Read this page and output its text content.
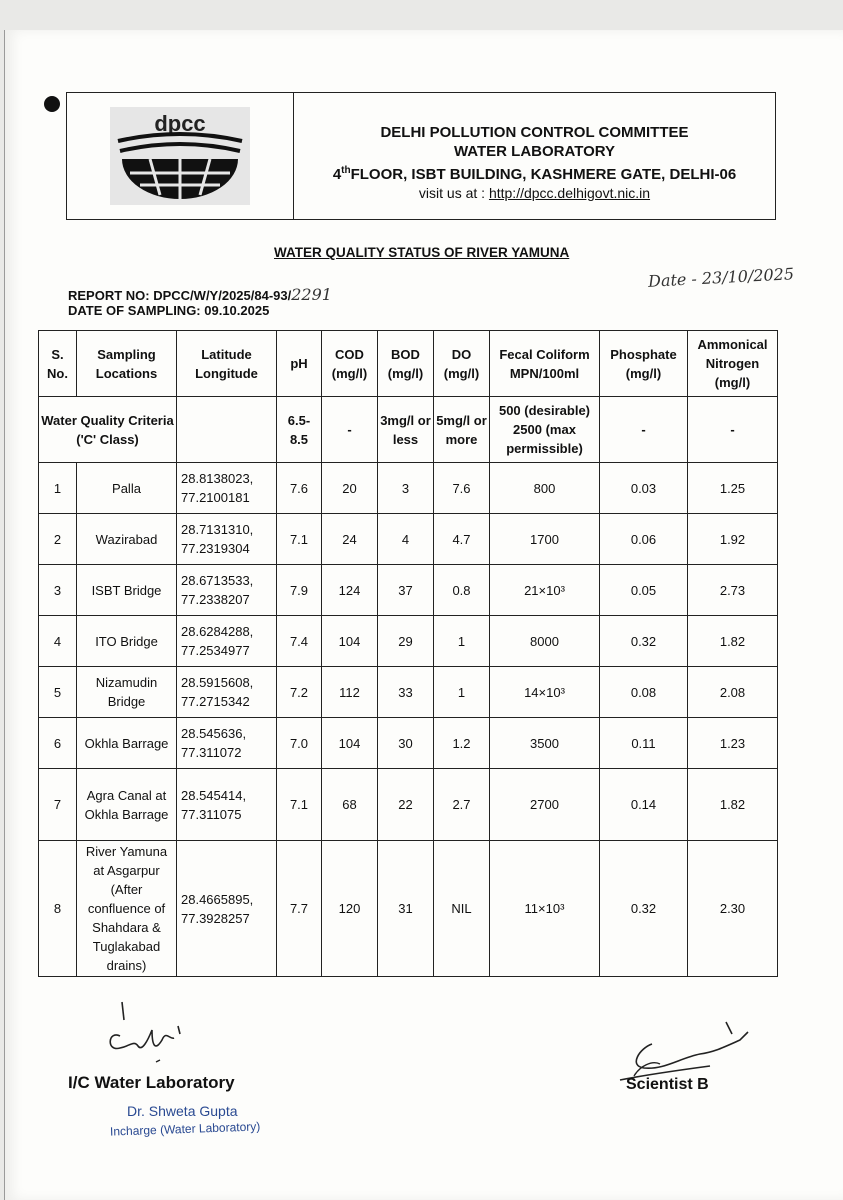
dpcc	DELHI POLLUTION CONTROL COMMITTEE
WATER LABORATORY
4thFLOOR, ISBT BUILDING, KASHMERE GATE, DELHI-06
visit us at : http://dpcc.delhigovt.nic.in
WATER QUALITY STATUS OF RIVER YAMUNA
REPORT NO: DPCC/W/Y/2025/84-93/2291
DATE OF SAMPLING: 09.10.2025
Date - 23/10/2025
S. No.	Sampling Locations	Latitude Longitude	pH	COD (mg/l)	BOD (mg/l)	DO (mg/l)	Fecal Coliform MPN/100ml	Phosphate (mg/l)	Ammonical Nitrogen (mg/l)
Water Quality Criteria ('C' Class)			6.5-8.5	-	3mg/l or less	5mg/l or more	500 (desirable) 2500 (max permissible)	-	-
1	Palla	28.8138023, 77.2100181	7.6	20	3	7.6	800	0.03	1.25
2	Wazirabad	28.7131310, 77.2319304	7.1	24	4	4.7	1700	0.06	1.92
3	ISBT Bridge	28.6713533, 77.2338207	7.9	124	37	0.8	21×10³	0.05	2.73
4	ITO Bridge	28.6284288, 77.2534977	7.4	104	29	1	8000	0.32	1.82
5	Nizamudin Bridge	28.5915608, 77.2715342	7.2	112	33	1	14×10³	0.08	2.08
6	Okhla Barrage	28.545636, 77.311072	7.0	104	30	1.2	3500	0.11	1.23
7	Agra Canal at Okhla Barrage	28.545414, 77.311075	7.1	68	22	2.7	2700	0.14	1.82
8	River Yamuna at Asgarpur (After confluence of Shahdara & Tuglakabad drains)	28.4665895, 77.3928257	7.7	120	31	NIL	11×10³	0.32	2.30
I/C Water Laboratory
Dr. Shweta Gupta
Incharge (Water Laboratory)
Scientist B
